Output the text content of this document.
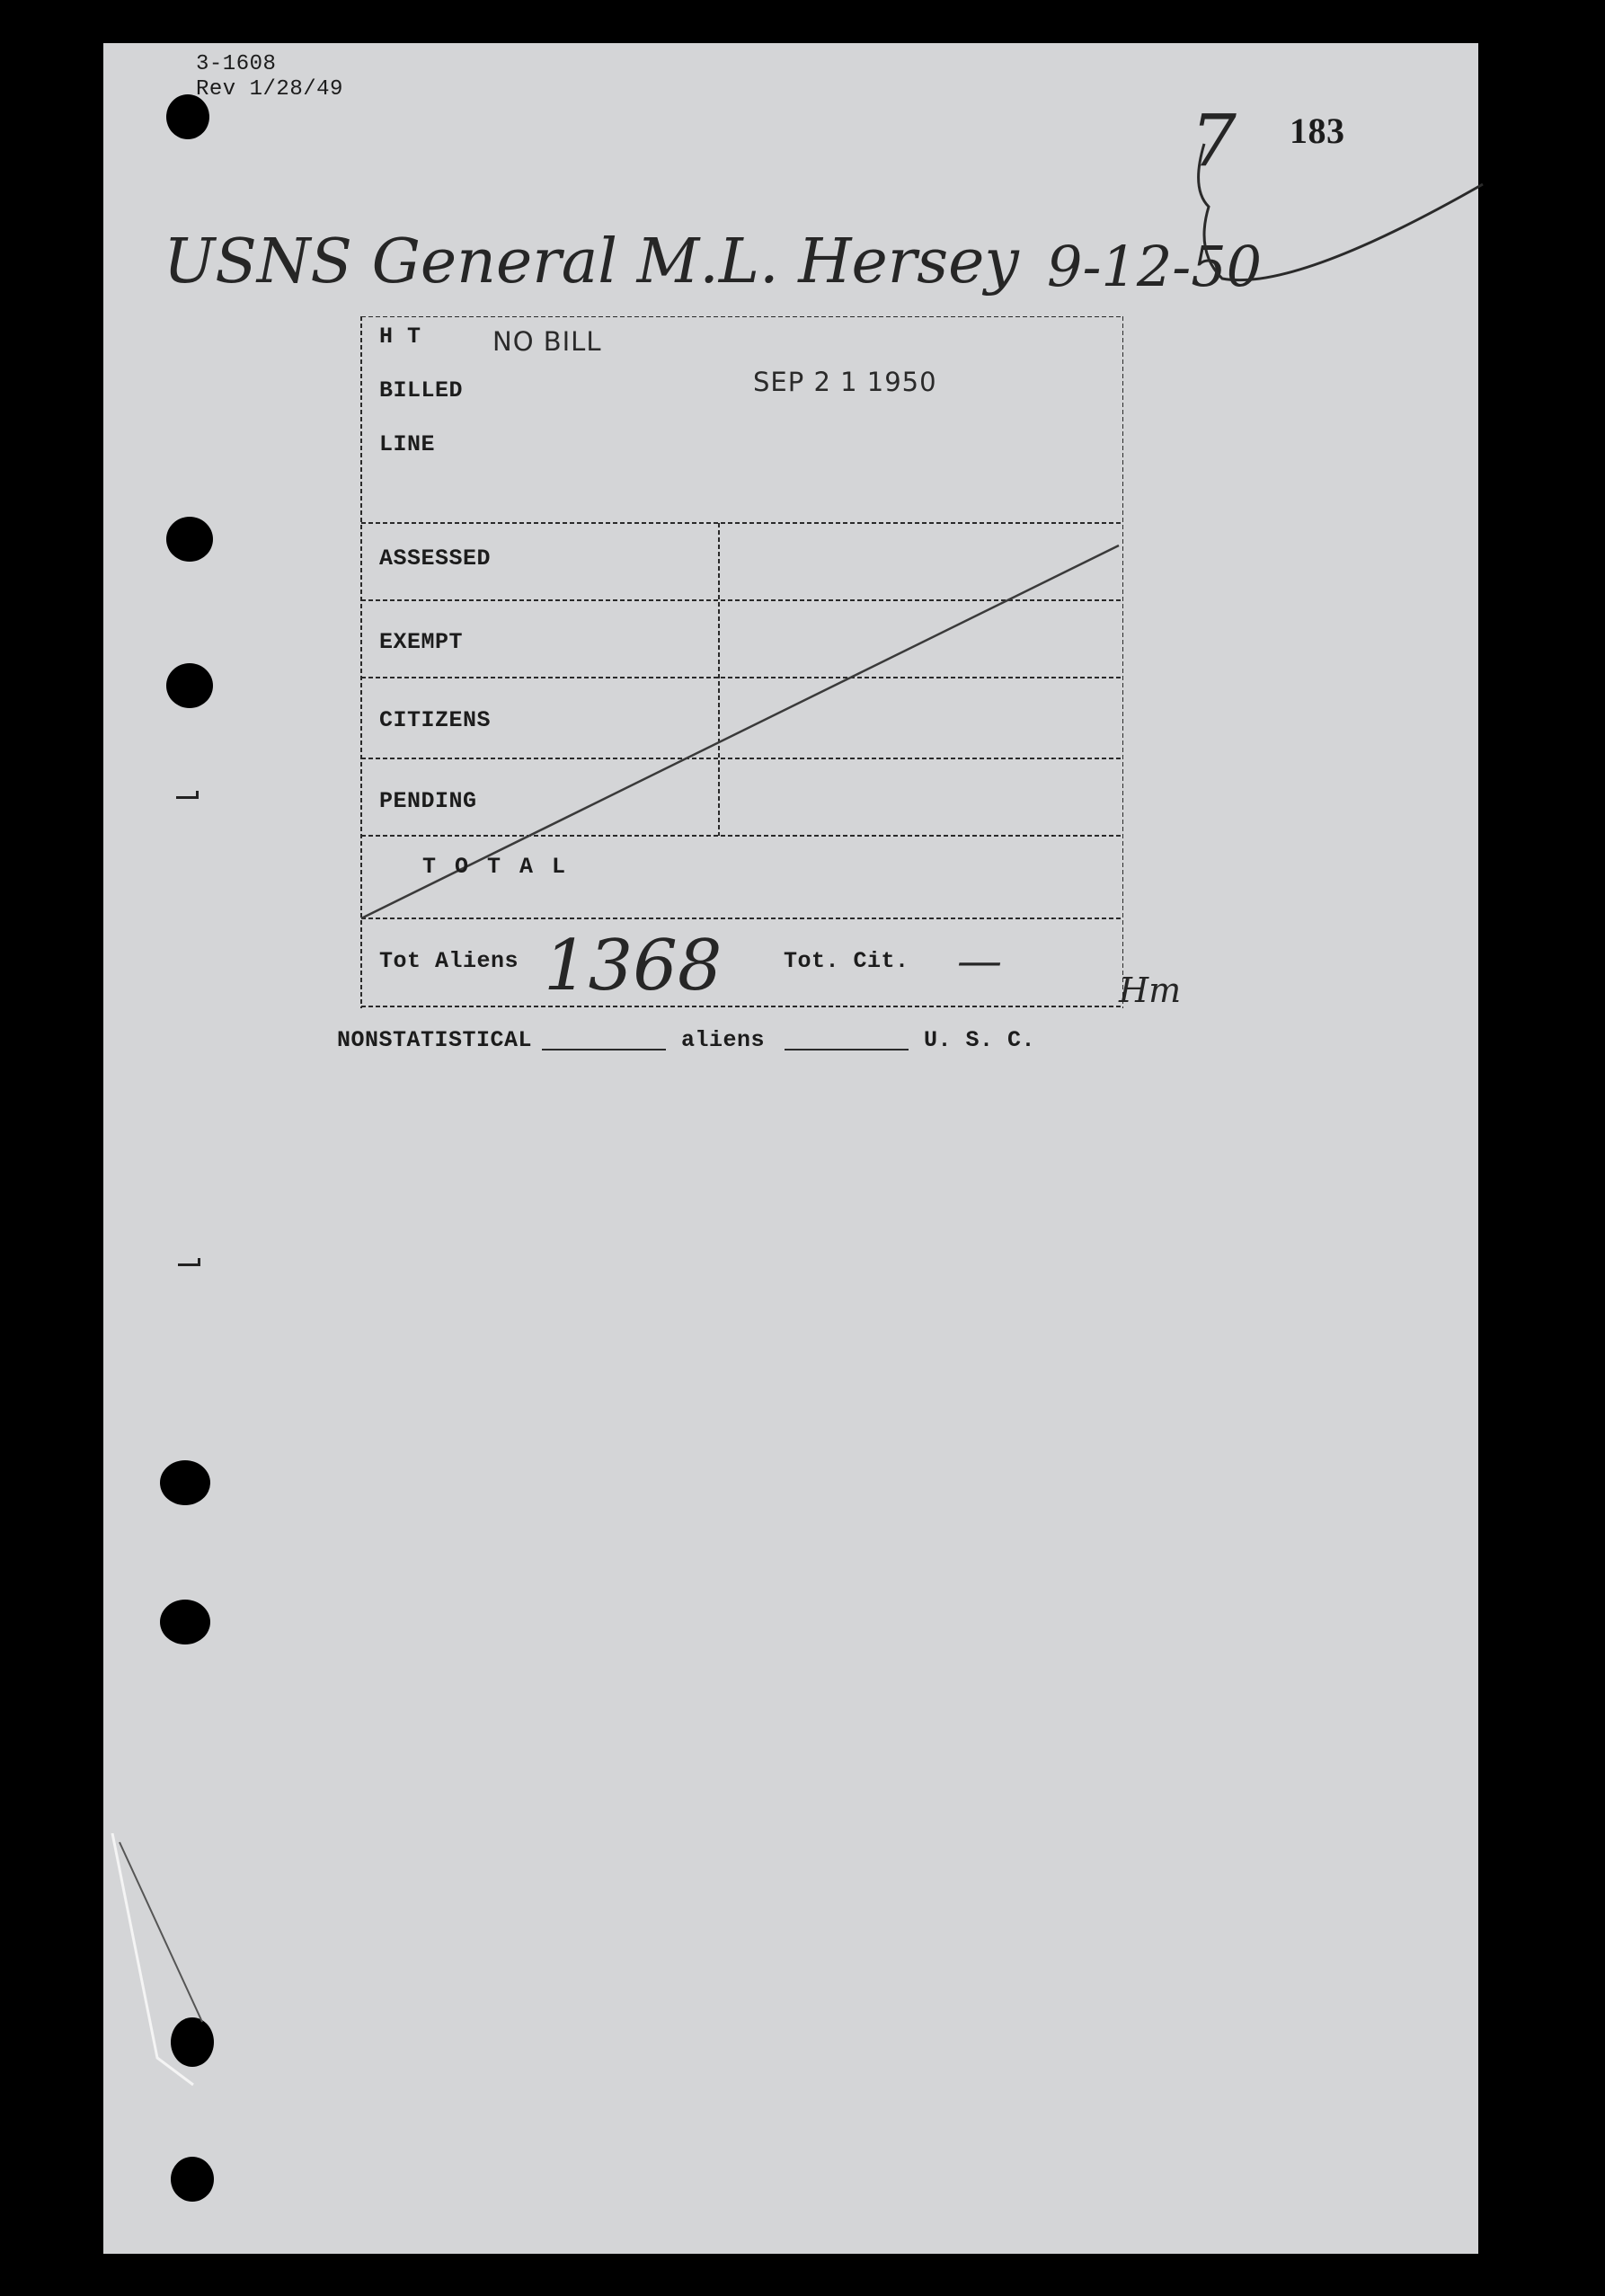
3-1608
Rev 1/28/49
183
7
USNS General M.L. Hersey 9-12-50
H T	NO BILL
BILLED	SEP 2 1 1950
LINE
ASSESSED
EXEMPT
CITIZENS
PENDING
T O T A L
Tot Aliens 1368	Tot. Cit. —
Hm
NONSTATISTICAL	aliens	U. S. C.
